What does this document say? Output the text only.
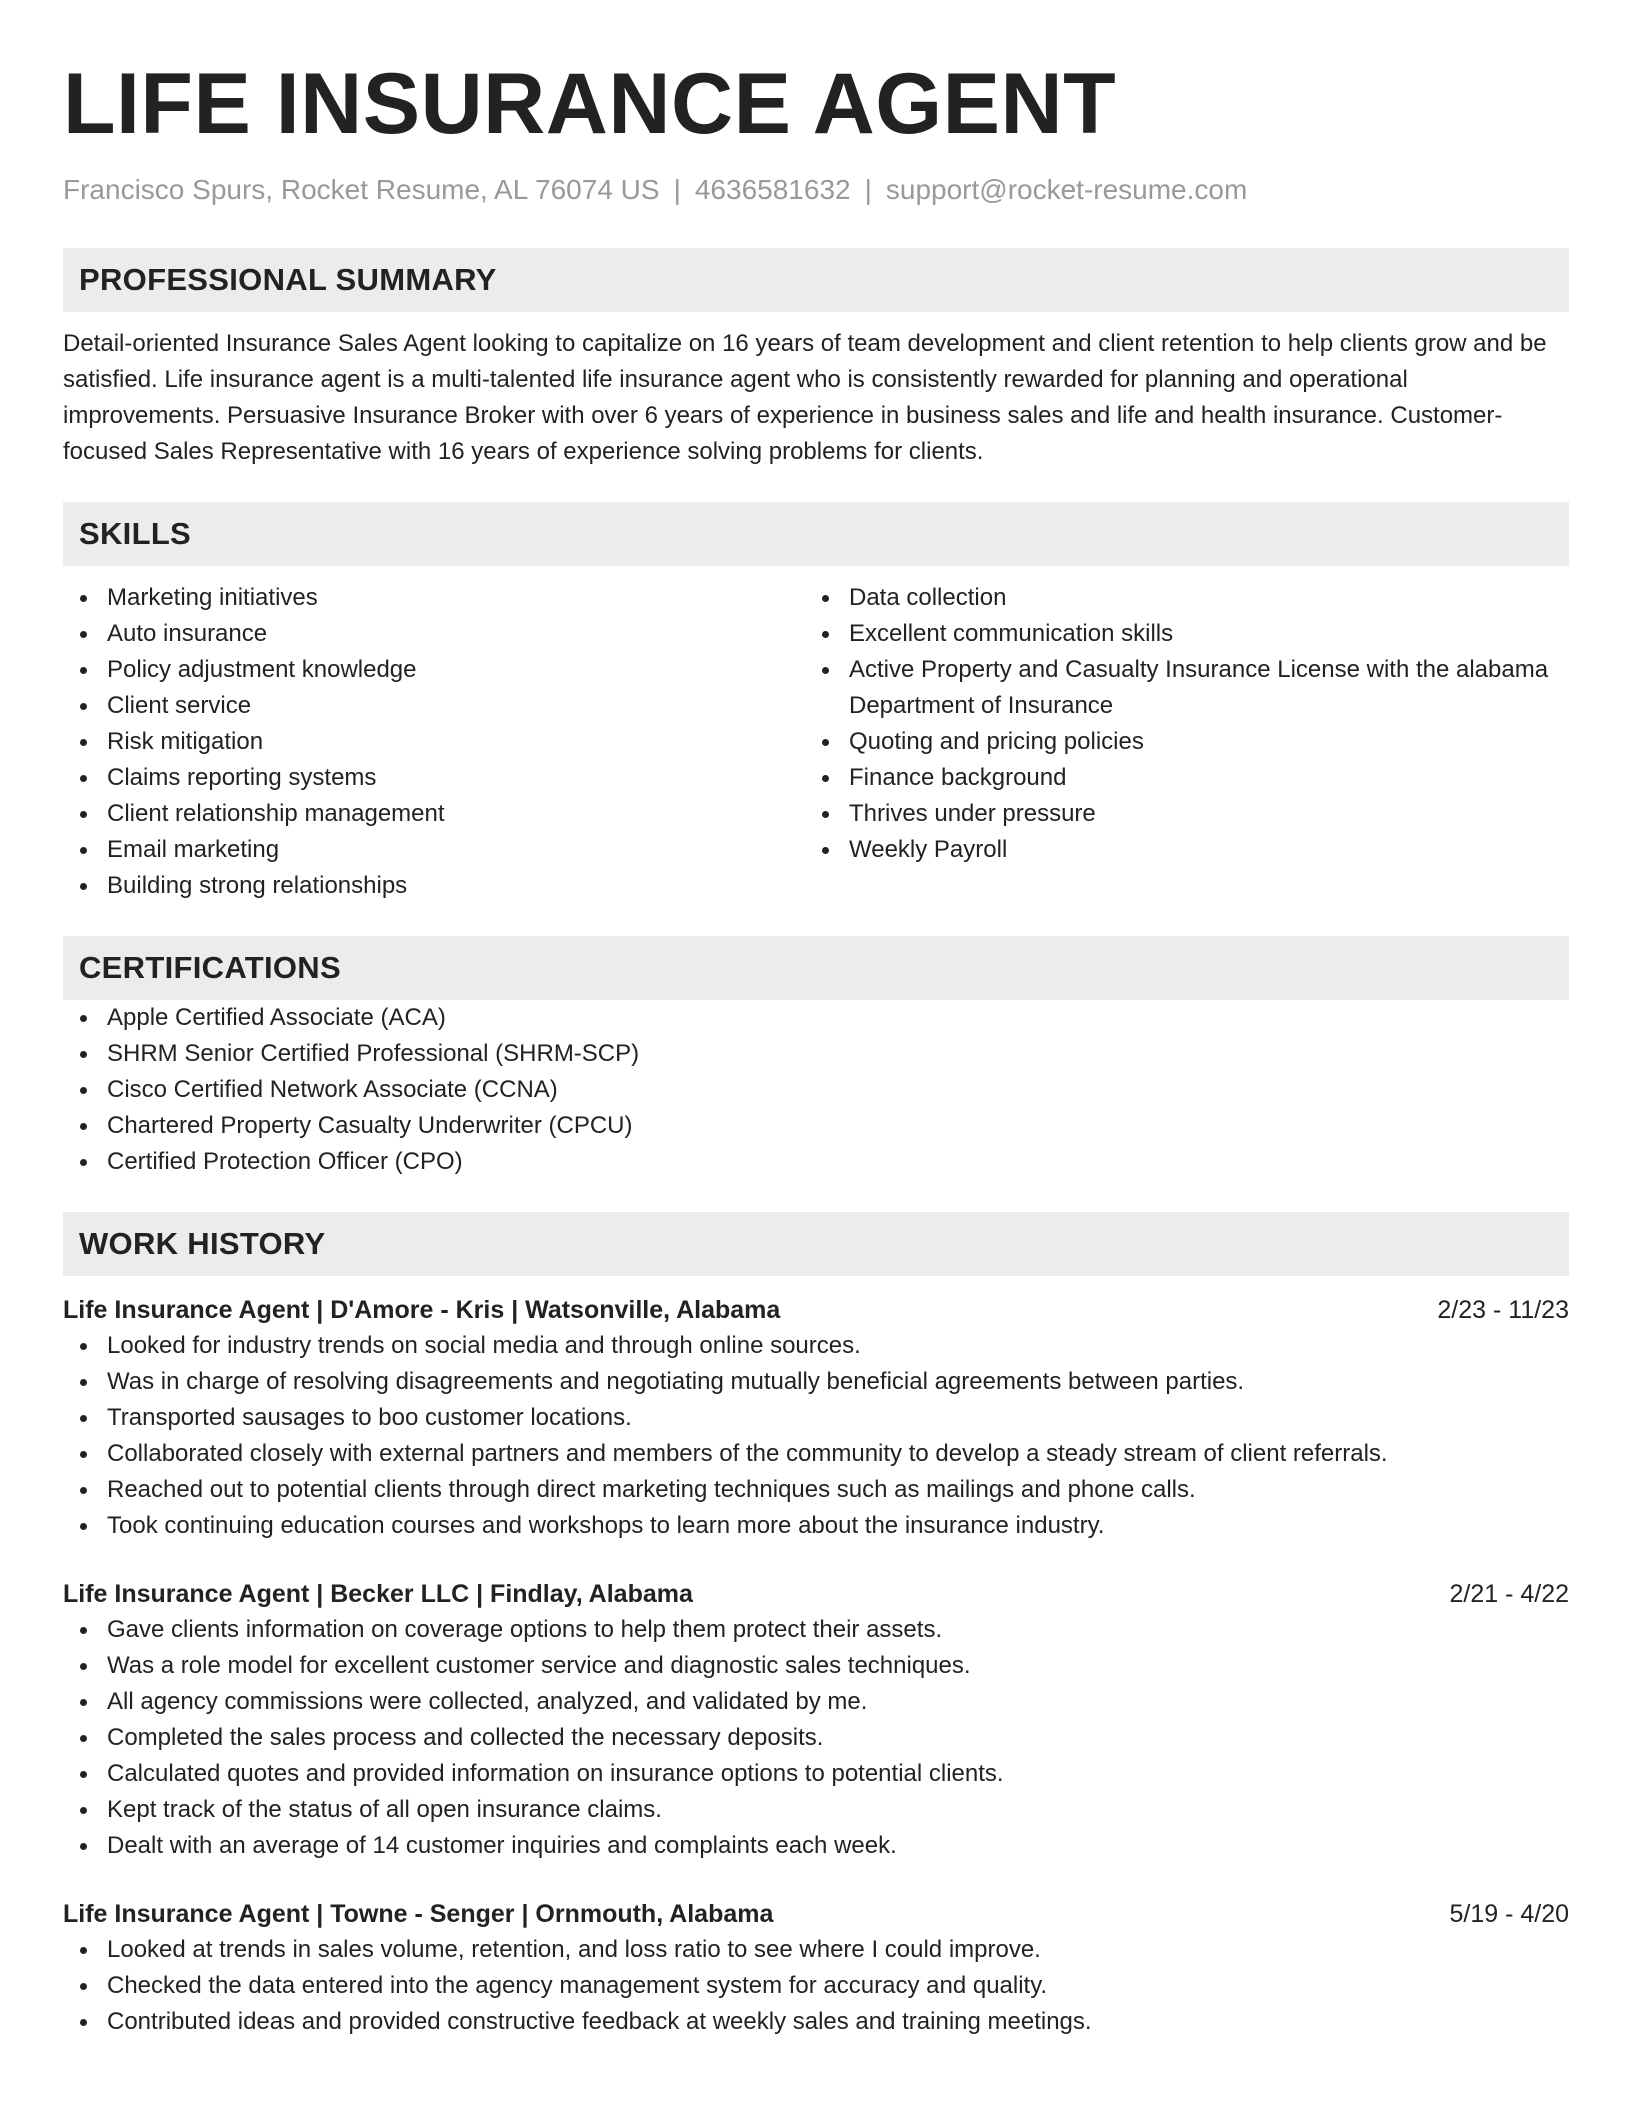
LIFE INSURANCE AGENT
Francisco Spurs, Rocket Resume, AL 76074 US | 4636581632 | support@rocket-resume.com
PROFESSIONAL SUMMARY

Detail-oriented Insurance Sales Agent looking to capitalize on 16 years of team development and client retention to help clients grow and be satisfied. Life insurance agent is a multi-talented life insurance agent who is consistently rewarded for planning and operational improvements. Persuasive Insurance Broker with over 6 years of experience in business sales and life and health insurance. Customer-focused Sales Representative with 16 years of experience solving problems for clients.

SKILLS
Marketing initiatives
Auto insurance
Policy adjustment knowledge
Client service
Risk mitigation
Claims reporting systems
Client relationship management
Email marketing
Building strong relationships
Data collection
Excellent communication skills
Active Property and Casualty Insurance License with the alabama Department of Insurance
Quoting and pricing policies
Finance background
Thrives under pressure
Weekly Payroll
CERTIFICATIONS
Apple Certified Associate (ACA)
SHRM Senior Certified Professional (SHRM-SCP)
Cisco Certified Network Associate (CCNA)
Chartered Property Casualty Underwriter (CPCU)
Certified Protection Officer (CPO)
WORK HISTORY
Life Insurance Agent | D'Amore - Kris | Watsonville, Alabama	2/23 - 11/23
Looked for industry trends on social media and through online sources.
Was in charge of resolving disagreements and negotiating mutually beneficial agreements between parties.
Transported sausages to boo customer locations.
Collaborated closely with external partners and members of the community to develop a steady stream of client referrals.
Reached out to potential clients through direct marketing techniques such as mailings and phone calls.
Took continuing education courses and workshops to learn more about the insurance industry.
Life Insurance Agent | Becker LLC | Findlay, Alabama	2/21 - 4/22
Gave clients information on coverage options to help them protect their assets.
Was a role model for excellent customer service and diagnostic sales techniques.
All agency commissions were collected, analyzed, and validated by me.
Completed the sales process and collected the necessary deposits.
Calculated quotes and provided information on insurance options to potential clients.
Kept track of the status of all open insurance claims.
Dealt with an average of 14 customer inquiries and complaints each week.
Life Insurance Agent | Towne - Senger | Ornmouth, Alabama	5/19 - 4/20
Looked at trends in sales volume, retention, and loss ratio to see where I could improve.
Checked the data entered into the agency management system for accuracy and quality.
Contributed ideas and provided constructive feedback at weekly sales and training meetings.
